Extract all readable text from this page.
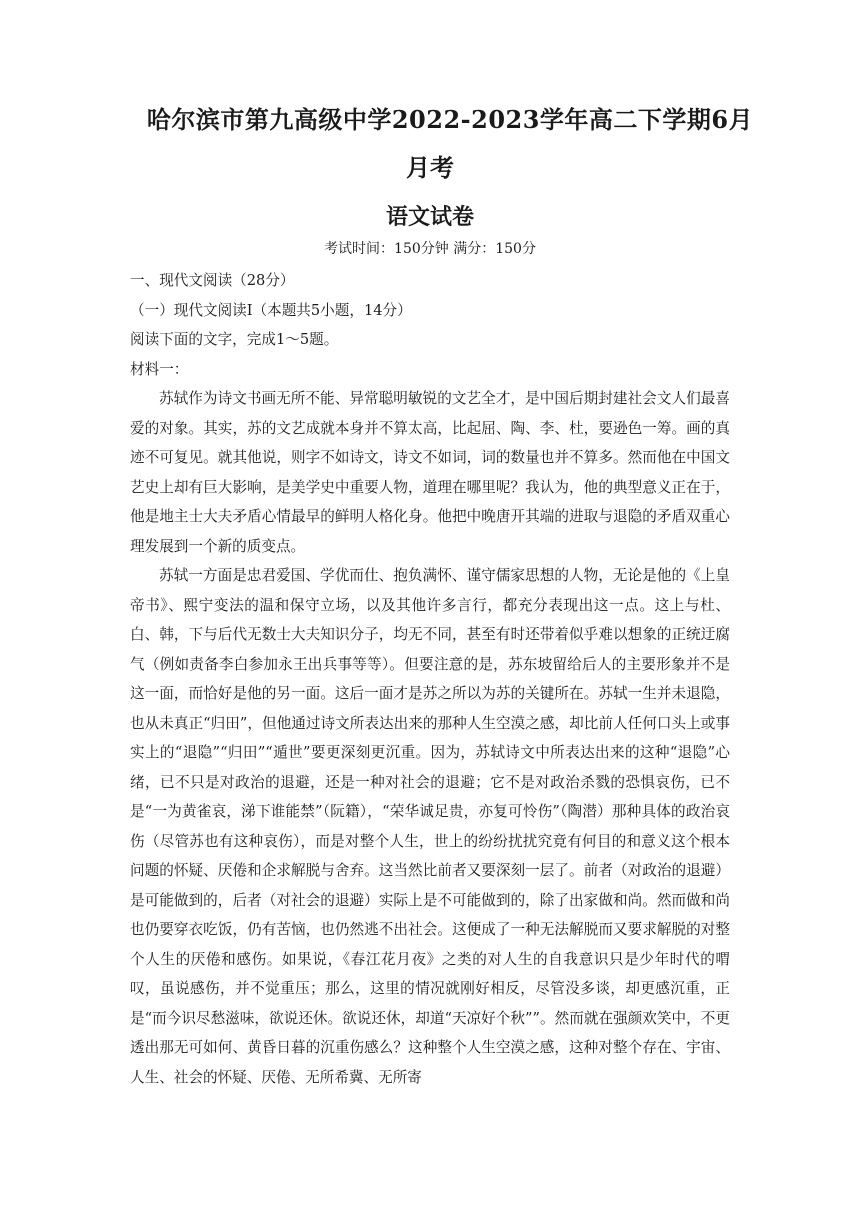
哈尔滨市第九高级中学2022-2023学年高二下学期6月
月考
语文试卷
考试时间：150分钟 满分：150分

一、现代文阅读（28分）

（一）现代文阅读I（本题共5小题，14分）

阅读下面的文字，完成1～5题。

材料一：

苏轼作为诗文书画无所不能、异常聪明敏锐的文艺全才，是中国后期封建社会文人们最喜爱的对象。其实，苏的文艺成就本身并不算太高，比起屈、陶、李、杜，要逊色一筹。画的真迹不可复见。就其他说，则字不如诗文，诗文不如词，词的数量也并不算多。然而他在中国文艺史上却有巨大影响，是美学史中重要人物，道理在哪里呢？我认为，他的典型意义正在于，他是地主士大夫矛盾心情最早的鲜明人格化身。他把中晚唐开其端的进取与退隐的矛盾双重心理发展到一个新的质变点。

苏轼一方面是忠君爱国、学优而仕、抱负满怀、谨守儒家思想的人物，无论是他的《上皇帝书》、熙宁变法的温和保守立场，以及其他许多言行，都充分表现出这一点。这上与杜、白、韩，下与后代无数士大夫知识分子，均无不同，甚至有时还带着似乎难以想象的正统迂腐气（例如责备李白参加永王出兵事等等）。但要注意的是，苏东坡留给后人的主要形象并不是这一面，而恰好是他的另一面。这后一面才是苏之所以为苏的关键所在。苏轼一生并未退隐，也从未真正“归田”，但他通过诗文所表达出来的那种人生空漠之感，却比前人任何口头上或事实上的“退隐”“归田”“遁世”要更深刻更沉重。因为，苏轼诗文中所表达出来的这种“退隐”心绪，已不只是对政治的退避，还是一种对社会的退避；它不是对政治杀戮的恐惧哀伤，已不是“一为黄雀哀，涕下谁能禁”（阮籍），“荣华诚足贵，亦复可怜伤”（陶潜）那种具体的政治哀伤（尽管苏也有这种哀伤），而是对整个人生，世上的纷纷扰扰究竟有何目的和意义这个根本问题的怀疑、厌倦和企求解脱与舍弃。这当然比前者又要深刻一层了。前者（对政治的退避）是可能做到的，后者（对社会的退避）实际上是不可能做到的，除了出家做和尚。然而做和尚也仍要穿衣吃饭，仍有苦恼，也仍然逃不出社会。这便成了一种无法解脱而又要求解脱的对整个人生的厌倦和感伤。如果说，《春江花月夜》之类的对人生的自我意识只是少年时代的喟叹，虽说感伤，并不觉重压；那么，这里的情况就刚好相反，尽管没多谈，却更感沉重，正是“而今识尽愁滋味，欲说还休。欲说还休，却道“天凉好个秋””。然而就在强颜欢笑中，不更透出那无可如何、黄昏日暮的沉重伤感么？这种整个人生空漠之感，这种对整个存在、宇宙、人生、社会的怀疑、厌倦、无所希冀、无所寄
